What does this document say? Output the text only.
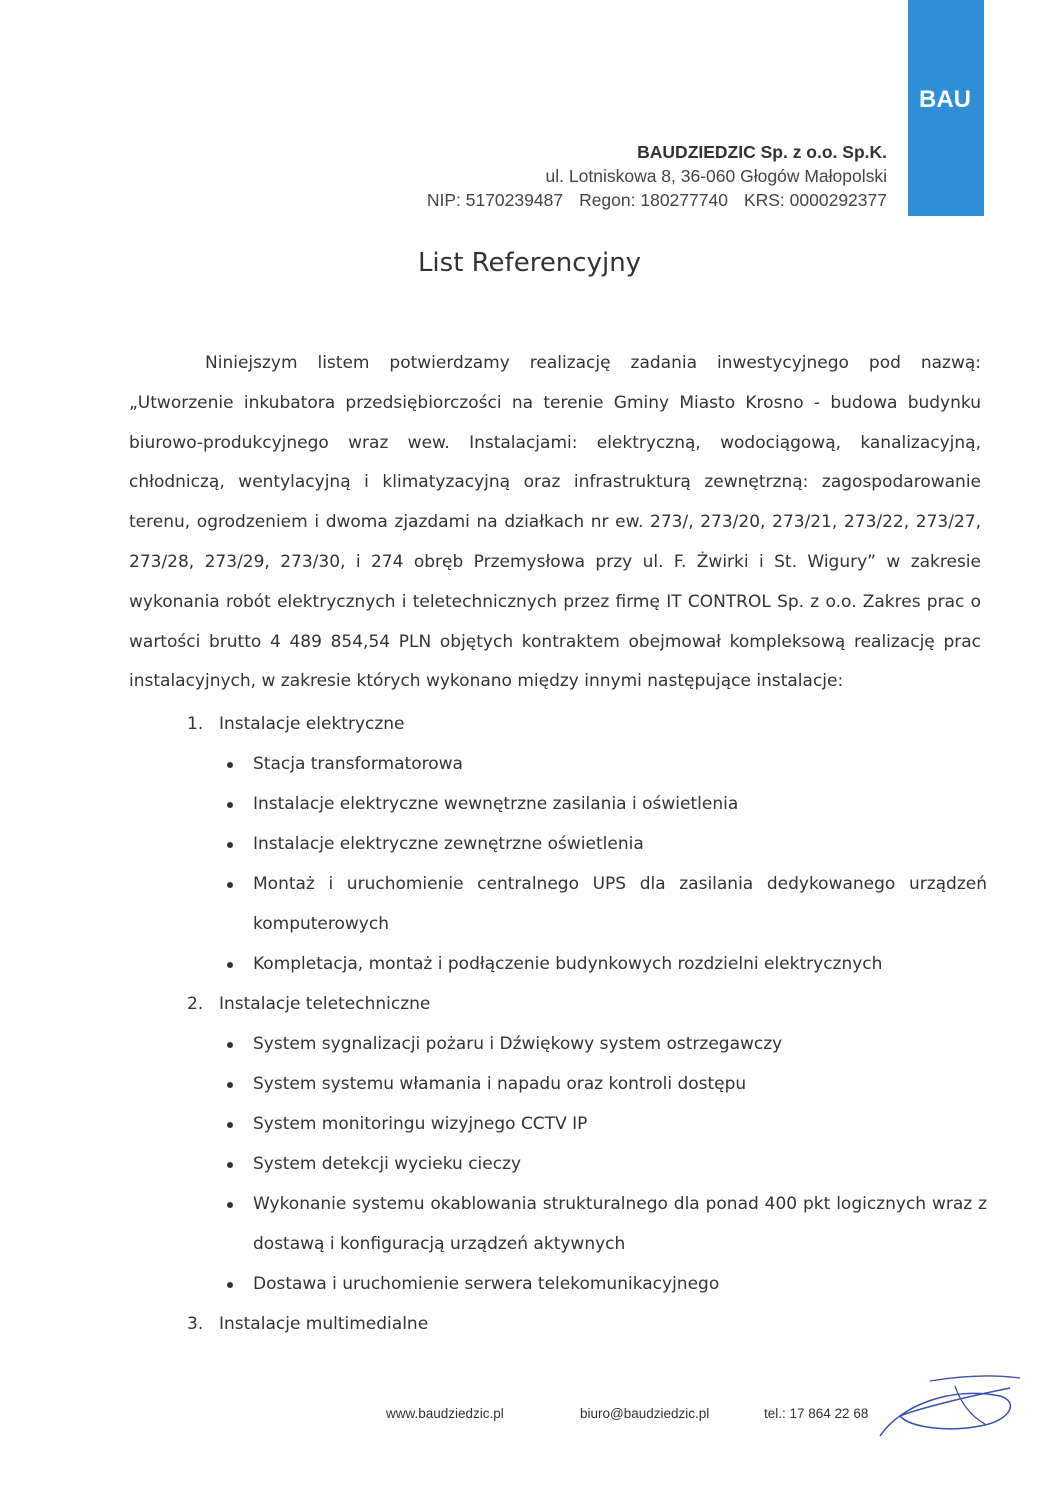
BAU
®
BAUDZIEDZIC Sp. z o.o. Sp.K.
ul. Lotniskowa 8, 36-060 Głogów Małopolski
NIP: 5170239487 Regon: 180277740 KRS: 0000292377
List Referencyjny
Niniejszym listem potwierdzamy realizację zadania inwestycyjnego pod nazwą: „Utworzenie inkubatora przedsiębiorczości na terenie Gminy Miasto Krosno - budowa budynku biurowo-produkcyjnego wraz wew. Instalacjami: elektryczną, wodociągową, kanalizacyjną, chłodniczą, wentylacyjną i klimatyzacyjną oraz infrastrukturą zewnętrzną: zagospodarowanie terenu, ogrodzeniem i dwoma zjazdami na działkach nr ew. 273/, 273/20, 273/21, 273/22, 273/27, 273/28, 273/29, 273/30, i 274 obręb Przemysłowa przy ul. F. Żwirki i St. Wigury” w zakresie wykonania robót elektrycznych i teletechnicznych przez firmę IT CONTROL Sp. z o.o. Zakres prac o wartości brutto 4 489 854,54 PLN objętych kontraktem obejmował kompleksową realizację prac instalacyjnych, w zakresie których wykonano między innymi następujące instalacje:
1. Instalacje elektryczne
Stacja transformatorowa
Instalacje elektryczne wewnętrzne zasilania i oświetlenia
Instalacje elektryczne zewnętrzne oświetlenia
Montaż i uruchomienie centralnego UPS dla zasilania dedykowanego urządzeń komputerowych
Kompletacja, montaż i podłączenie budynkowych rozdzielni elektrycznych
2. Instalacje teletechniczne
System sygnalizacji pożaru i Dźwiękowy system ostrzegawczy
System systemu włamania i napadu oraz kontroli dostępu
System monitoringu wizyjnego CCTV IP
System detekcji wycieku cieczy
Wykonanie systemu okablowania strukturalnego dla ponad 400 pkt logicznych wraz z dostawą i konfiguracją urządzeń aktywnych
Dostawa i uruchomienie serwera telekomunikacyjnego
3. Instalacje multimedialne
www.baudziedzic.pl	biuro@baudziedzic.pl	tel.: 17 864 22 68
